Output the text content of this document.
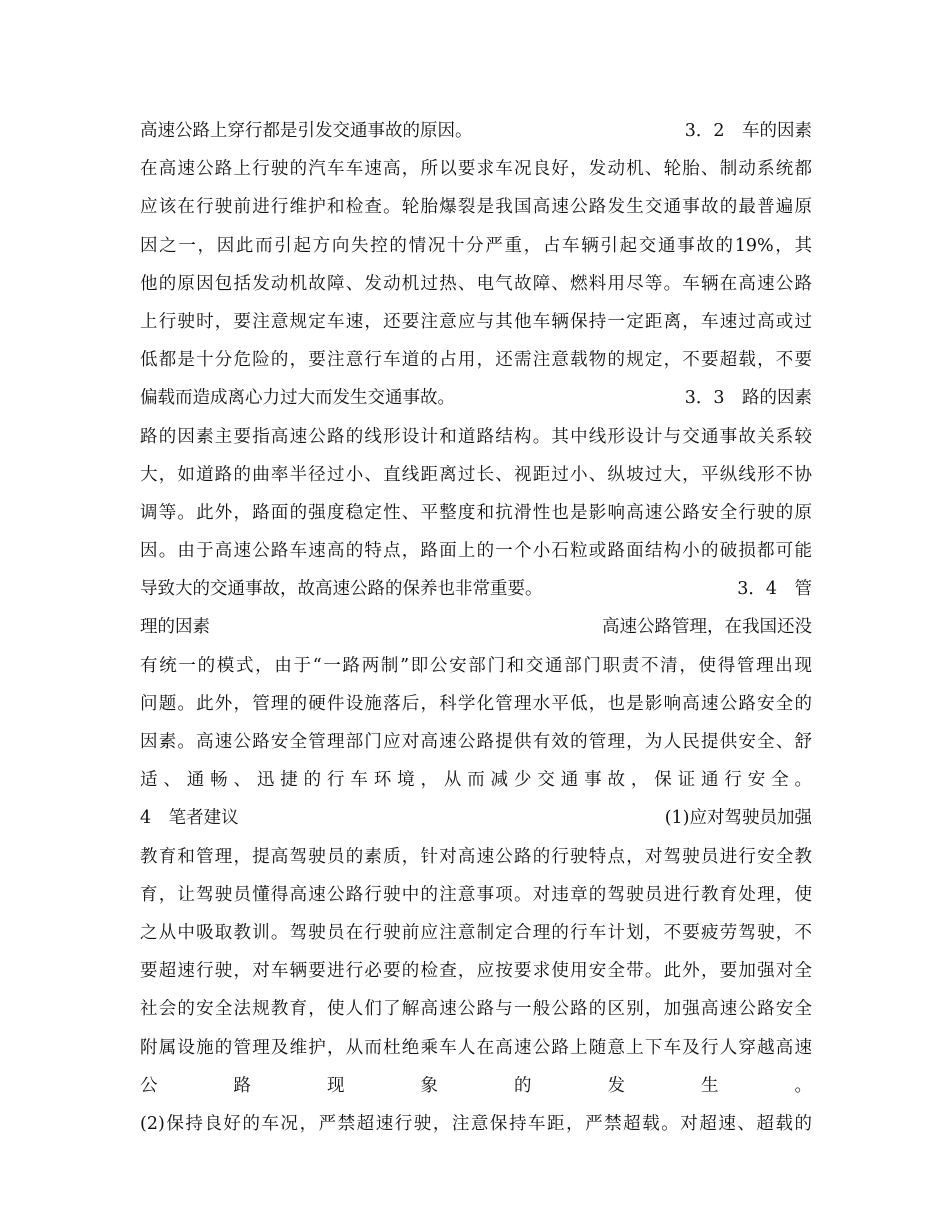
高速公路上穿行都是引发交通事故的原因。	3．2　车的因素
在高速公路上行驶的汽车车速高，所以要求车况良好，发动机、轮胎、制动系统都
应该在行驶前进行维护和检查。轮胎爆裂是我国高速公路发生交通事故的最普遍原
因之一，因此而引起方向失控的情况十分严重，占车辆引起交通事故的19%，其
他的原因包括发动机故障、发动机过热、电气故障、燃料用尽等。车辆在高速公路
上行驶时，要注意规定车速，还要注意应与其他车辆保持一定距离，车速过高或过
低都是十分危险的，要注意行车道的占用，还需注意载物的规定，不要超载，不要
偏载而造成离心力过大而发生交通事故。	3．3　路的因素
路的因素主要指高速公路的线形设计和道路结构。其中线形设计与交通事故关系较
大，如道路的曲率半径过小、直线距离过长、视距过小、纵坡过大，平纵线形不协
调等。此外，路面的强度稳定性、平整度和抗滑性也是影响高速公路安全行驶的原
因。由于高速公路车速高的特点，路面上的一个小石粒或路面结构小的破损都可能
导致大的交通事故，故高速公路的保养也非常重要。	3．4　管
理的因素	高速公路管理，在我国还没
有统一的模式，由于“一路两制”即公安部门和交通部门职责不清，使得管理出现
问题。此外，管理的硬件设施落后，科学化管理水平低，也是影响高速公路安全的
因素。高速公路安全管理部门应对高速公路提供有效的管理，为人民提供安全、舒
适、通畅、迅捷的行车环境，从而减少交通事故，保证通行安全。
4　笔者建议	(1)应对驾驶员加强
教育和管理，提高驾驶员的素质，针对高速公路的行驶特点，对驾驶员进行安全教
育，让驾驶员懂得高速公路行驶中的注意事项。对违章的驾驶员进行教育处理，使
之从中吸取教训。驾驶员在行驶前应注意制定合理的行车计划，不要疲劳驾驶，不
要超速行驶，对车辆要进行必要的检查，应按要求使用安全带。此外，要加强对全
社会的安全法规教育，使人们了解高速公路与一般公路的区别，加强高速公路安全
附属设施的管理及维护，从而杜绝乘车人在高速公路上随意上下车及行人穿越高速
公	路	现	象	的	发	生	。
(2)保持良好的车况，严禁超速行驶，注意保持车距，严禁超载。对超速、超载的
